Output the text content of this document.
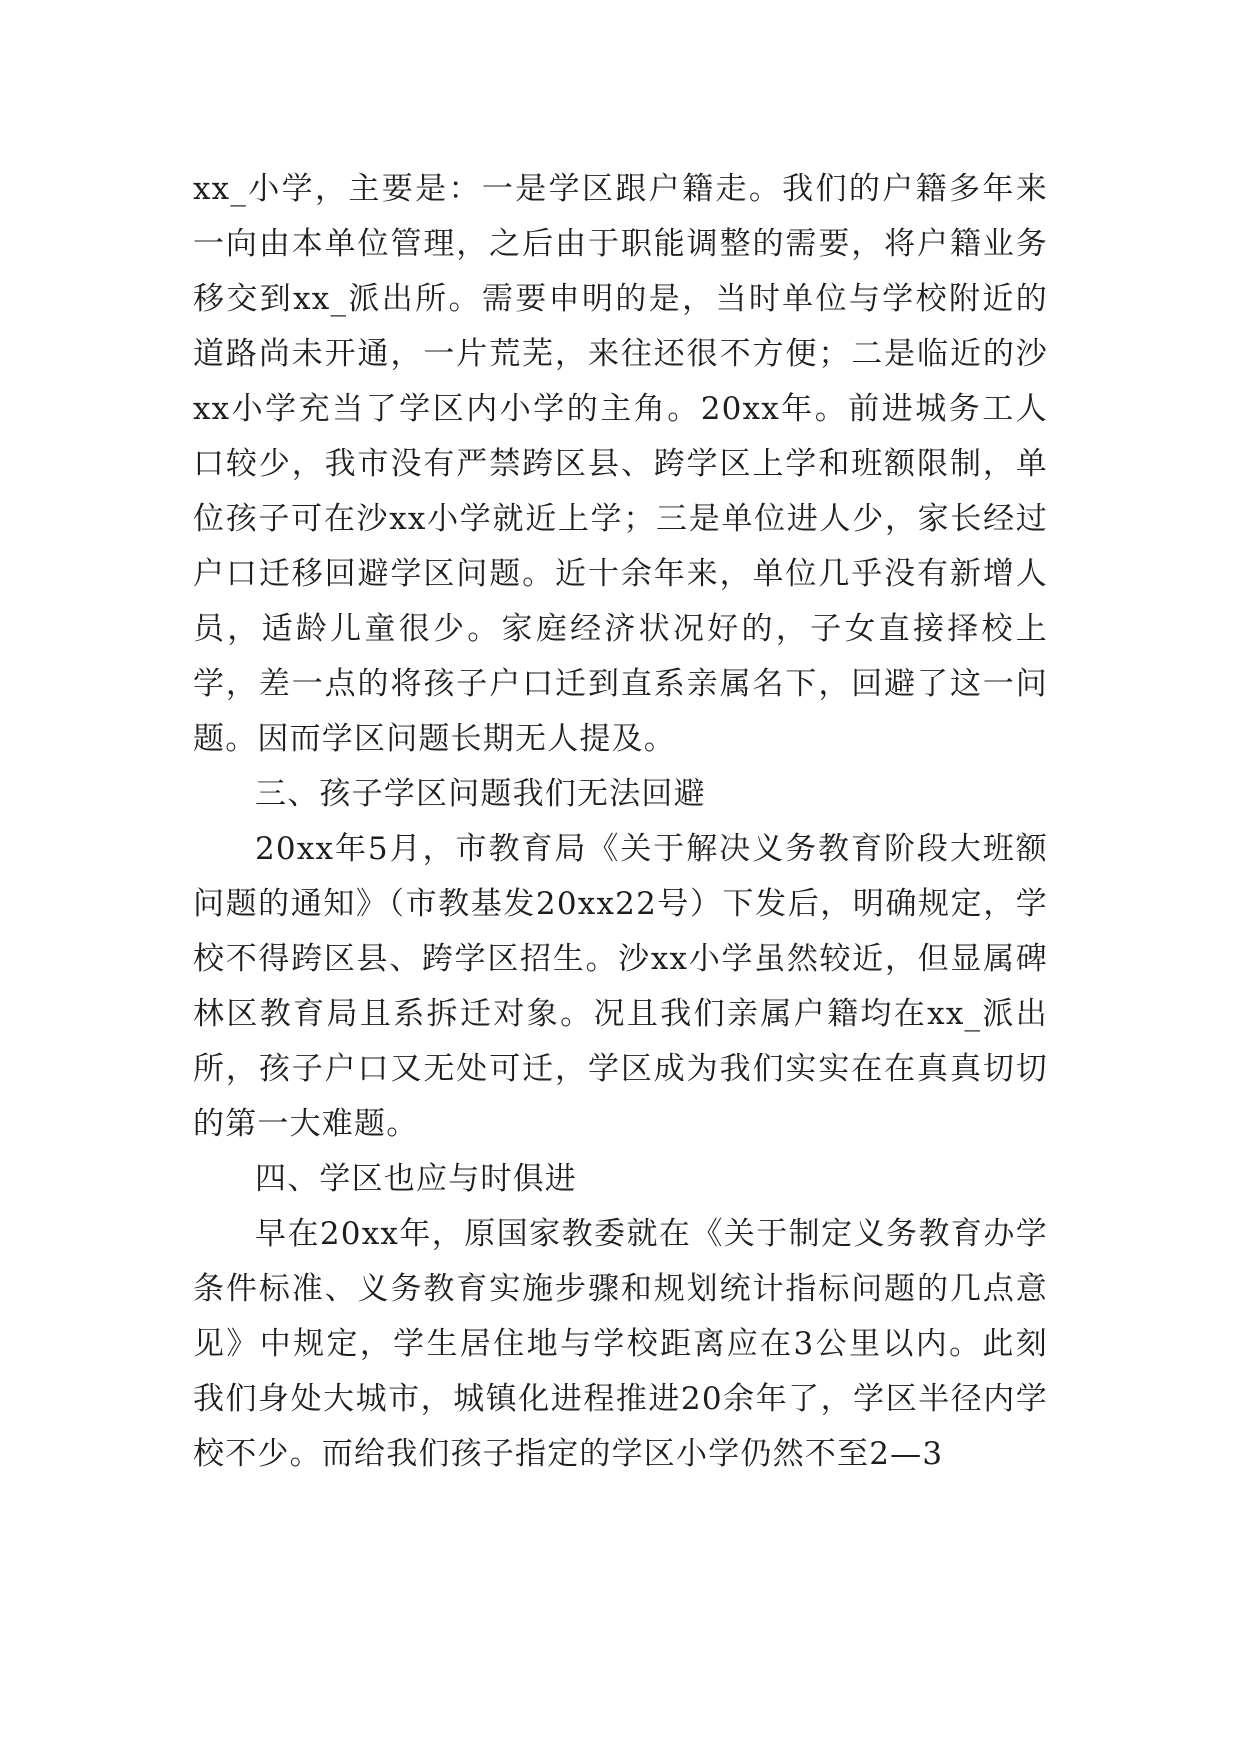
xx_小学，主要是：一是学区跟户籍走。我们的户籍多年来一向由本单位管理，之后由于职能调整的需要，将户籍业务移交到xx_派出所。需要申明的是，当时单位与学校附近的道路尚未开通，一片荒芜，来往还很不方便；二是临近的沙xx小学充当了学区内小学的主角。20xx年。前进城务工人口较少，我市没有严禁跨区县、跨学区上学和班额限制，单位孩子可在沙xx小学就近上学；三是单位进人少，家长经过户口迁移回避学区问题。近十余年来，单位几乎没有新增人员，适龄儿童很少。家庭经济状况好的，子女直接择校上学，差一点的将孩子户口迁到直系亲属名下，回避了这一问题。因而学区问题长期无人提及。

三、孩子学区问题我们无法回避

20xx年5月，市教育局《关于解决义务教育阶段大班额问题的通知》（市教基发20xx22号）下发后，明确规定，学校不得跨区县、跨学区招生。沙xx小学虽然较近，但显属碑林区教育局且系拆迁对象。况且我们亲属户籍均在xx_派出所，孩子户口又无处可迁，学区成为我们实实在在真真切切的第一大难题。

四、学区也应与时俱进

早在20xx年，原国家教委就在《关于制定义务教育办学条件标准、义务教育实施步骤和规划统计指标问题的几点意见》中规定，学生居住地与学校距离应在3公里以内。此刻我们身处大城市，城镇化进程推进20余年了，学区半径内学校不少。而给我们孩子指定的学区小学仍然不至2—3
